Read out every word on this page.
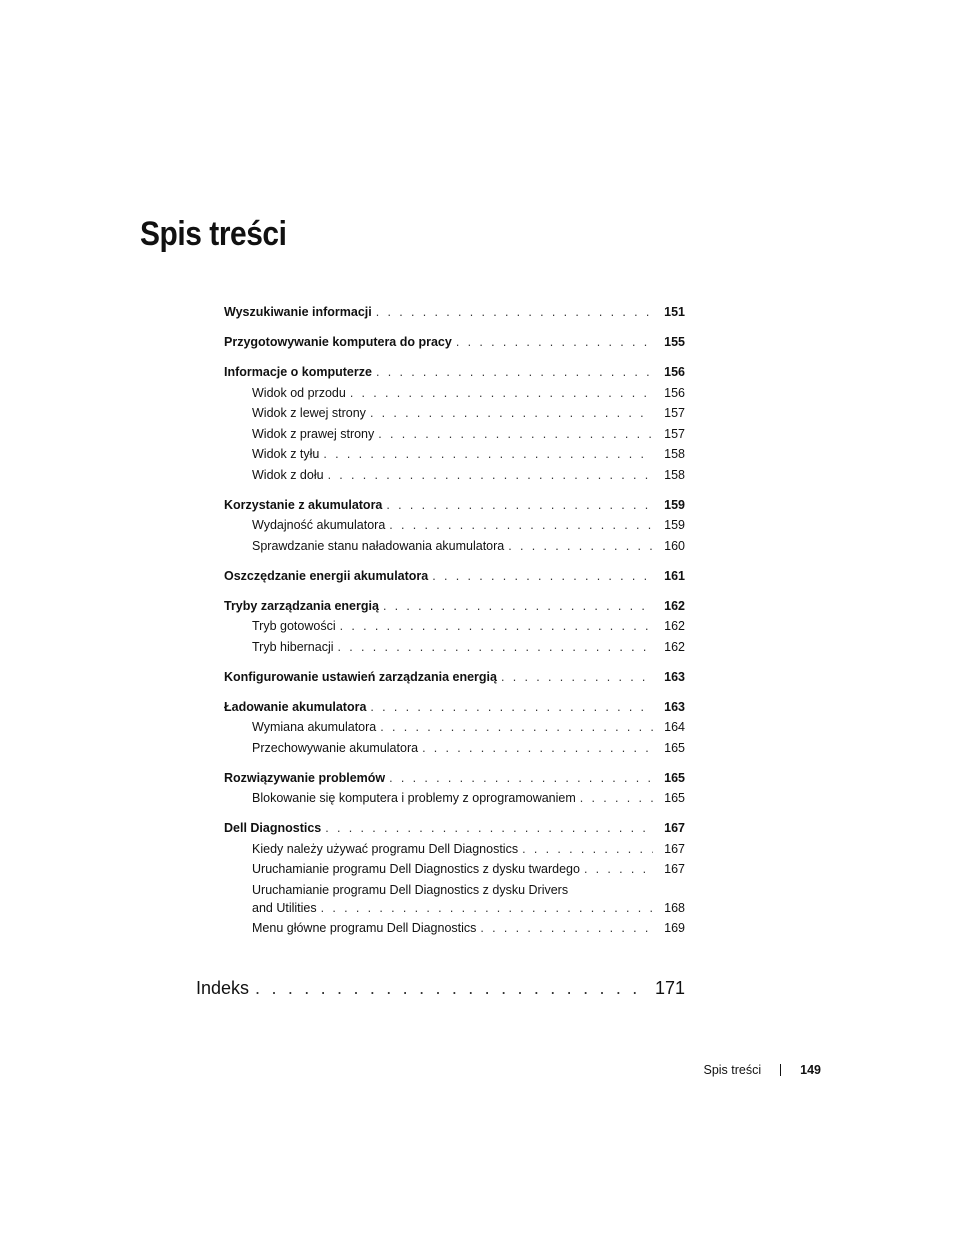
Spis treści
Wyszukiwanie informacji . . .	151
Przygotowywanie komputera do pracy . . .	155
Informacje o komputerze . . .	156
Widok od przodu . . .	156
Widok z lewej strony . . .	157
Widok z prawej strony . . .	157
Widok z tyłu . . .	158
Widok z dołu . . .	158
Korzystanie z akumulatora . . .	159
Wydajność akumulatora . . .	159
Sprawdzanie stanu naładowania akumulatora . . .	160
Oszczędzanie energii akumulatora . . .	161
Tryby zarządzania energią . . .	162
Tryb gotowości . . .	162
Tryb hibernacji . . .	162
Konfigurowanie ustawień zarządzania energią . . .	163
Ładowanie akumulatora . . .	163
Wymiana akumulatora . . .	164
Przechowywanie akumulatora . . .	165
Rozwiązywanie problemów . . .	165
Blokowanie się komputera i problemy z oprogramowaniem . . .	165
Dell Diagnostics . . .	167
Kiedy należy używać programu Dell Diagnostics . . .	167
Uruchamianie programu Dell Diagnostics z dysku twardego . . .	167
Uruchamianie programu Dell Diagnostics z dysku Drivers
and Utilities . . .	168
Menu główne programu Dell Diagnostics . . .	169
Indeks . . .	171
Spis treści	149
